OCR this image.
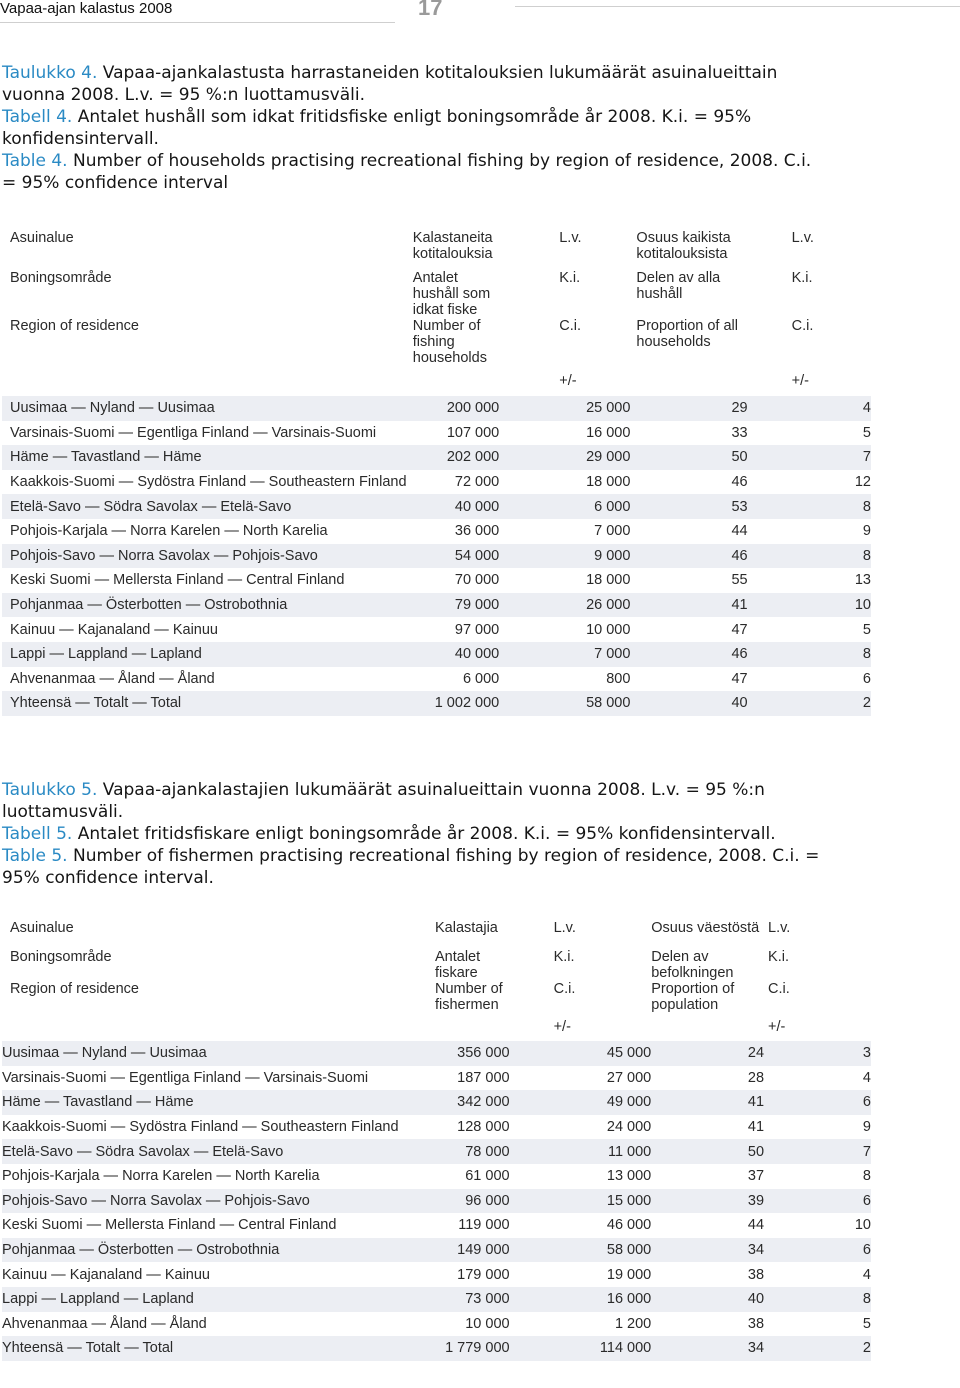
Vapaa-ajan kalastus 2008	17

Taulukko 4. Vapaa-ajankalastusta harrastaneiden kotitalouksien lukumäärät asuinalueittain vuonna 2008. L.v. = 95 %:n luottamusväli.

Tabell 4. Antalet hushåll som idkat fritidsfiske enligt boningsområde år 2008. K.i. = 95% konfidensintervall.

Table 4. Number of households practising recreational fishing by region of residence, 2008. C.i. = 95% confidence interval

Asuinalue	Kalastaneita kotitalouksia	L.v.	Osuus kaikista kotitalouksista	L.v.
Boningsområde	Antalet hushåll som idkat fiske	K.i.	Delen av alla hushåll	K.i.
Region of residence	Number of fishing households	C.i.	Proportion of all households	C.i.
		+/-		+/-
Uusimaa — Nyland — Uusimaa	200 000	25 000	29	4
Varsinais-Suomi — Egentliga Finland — Varsinais-Suomi	107 000	16 000	33	5
Häme — Tavastland — Häme	202 000	29 000	50	7
Kaakkois-Suomi — Sydöstra Finland — Southeastern Finland	72 000	18 000	46	12
Etelä-Savo — Södra Savolax — Etelä-Savo	40 000	6 000	53	8
Pohjois-Karjala — Norra Karelen — North Karelia	36 000	7 000	44	9
Pohjois-Savo — Norra Savolax — Pohjois-Savo	54 000	9 000	46	8
Keski Suomi — Mellersta Finland — Central Finland	70 000	18 000	55	13
Pohjanmaa — Österbotten — Ostrobothnia	79 000	26 000	41	10
Kainuu — Kajanaland — Kainuu	97 000	10 000	47	5
Lappi — Lappland — Lapland	40 000	7 000	46	8
Ahvenanmaa — Åland — Åland	6 000	800	47	6
Yhteensä — Totalt — Total	1 002 000	58 000	40	2

Taulukko 5. Vapaa-ajankalastajien lukumäärät asuinalueittain vuonna 2008. L.v. = 95 %:n luottamusväli.

Tabell 5. Antalet fritidsfiskare enligt boningsområde år 2008. K.i. = 95% konfidensintervall.

Table 5. Number of fishermen practising recreational fishing by region of residence, 2008. C.i. = 95% confidence interval.

Asuinalue	Kalastajia	L.v.	Osuus väestöstä	L.v.
Boningsområde	Antalet fiskare	K.i.	Delen av befolkningen	K.i.
Region of residence	Number of fishermen	C.i.	Proportion of population	C.i.
		+/-		+/-
Uusimaa — Nyland — Uusimaa	356 000	45 000	24	3
Varsinais-Suomi — Egentliga Finland — Varsinais-Suomi	187 000	27 000	28	4
Häme — Tavastland — Häme	342 000	49 000	41	6
Kaakkois-Suomi — Sydöstra Finland — Southeastern Finland	128 000	24 000	41	9
Etelä-Savo — Södra Savolax — Etelä-Savo	78 000	11 000	50	7
Pohjois-Karjala — Norra Karelen — North Karelia	61 000	13 000	37	8
Pohjois-Savo — Norra Savolax — Pohjois-Savo	96 000	15 000	39	6
Keski Suomi — Mellersta Finland — Central Finland	119 000	46 000	44	10
Pohjanmaa — Österbotten — Ostrobothnia	149 000	58 000	34	6
Kainuu — Kajanaland — Kainuu	179 000	19 000	38	4
Lappi — Lappland — Lapland	73 000	16 000	40	8
Ahvenanmaa — Åland — Åland	10 000	1 200	38	5
Yhteensä — Totalt — Total	1 779 000	114 000	34	2
